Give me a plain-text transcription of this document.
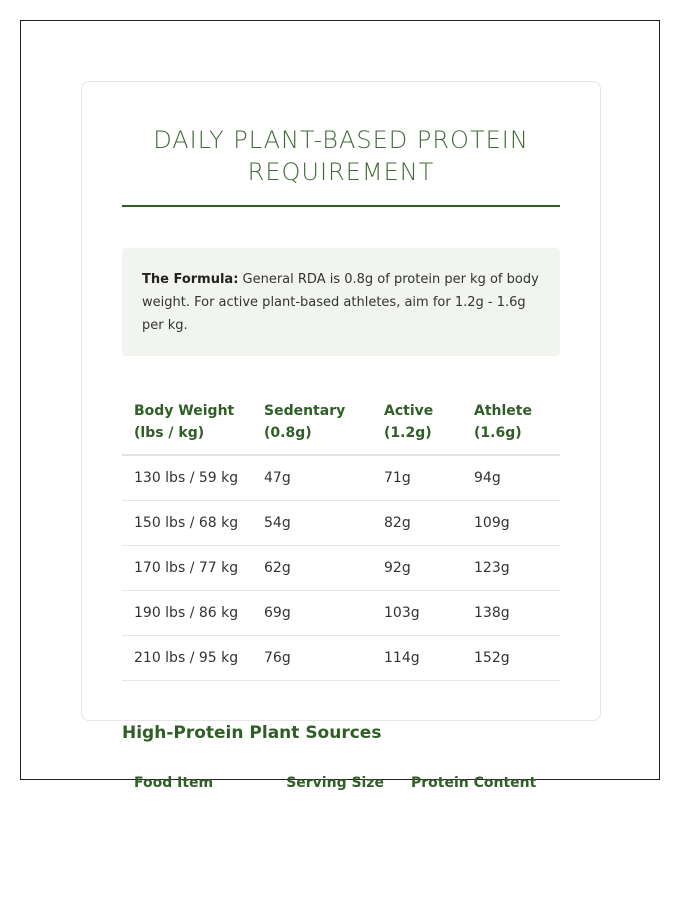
DAILY PLANT-BASED PROTEIN REQUIREMENT
The Formula: General RDA is 0.8g of protein per kg of body weight. For active plant-based athletes, aim for 1.2g - 1.6g per kg.
Body Weight (lbs / kg)	Sedentary (0.8g)	Active (1.2g)	Athlete (1.6g)
130 lbs / 59 kg	47g	71g	94g
150 lbs / 68 kg	54g	82g	109g
170 lbs / 77 kg	62g	92g	123g
190 lbs / 86 kg	69g	103g	138g
210 lbs / 95 kg	76g	114g	152g
High-Protein Plant Sources
Food Item	Serving Size	Protein Content
